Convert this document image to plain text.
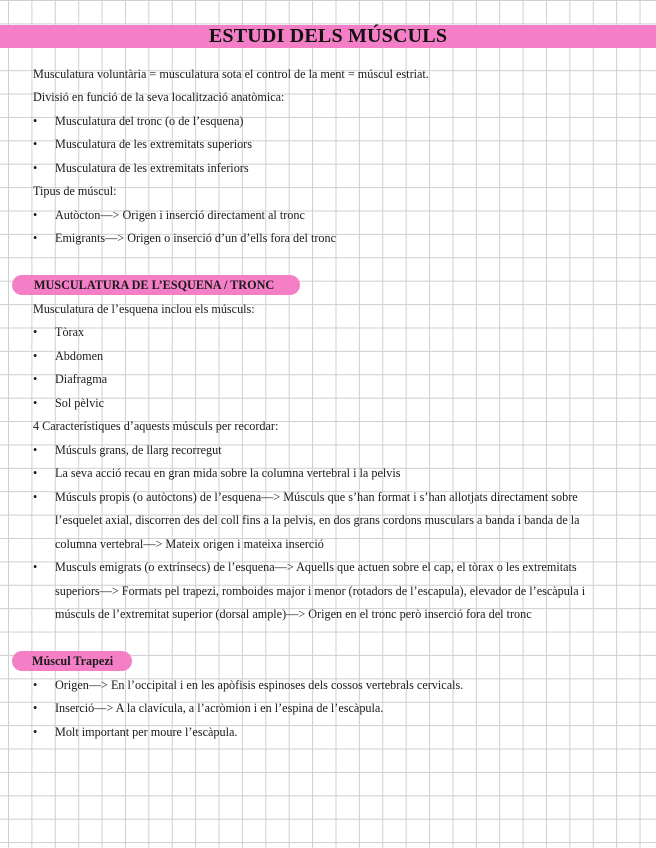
ESTUDI DELS MÚSCULS
Musculatura voluntària = musculatura sota el control de la ment = múscul estriat.
Divisió en funció de la seva localització anatòmica:
• Musculatura del tronc (o de l’esquena)
• Musculatura de les extremitats superiors
• Musculatura de les extremitats inferiors
Tipus de múscul:
• Autòcton—> Origen i inserció directament al tronc
• Emigrants—> Origen o inserció d’un d’ells fora del tronc
MUSCULATURA DE L’ESQUENA / TRONC
Musculatura de l’esquena inclou els músculs:
• Tòrax
• Abdomen
• Diafragma
• Sol pèlvic
4 Característiques d’aquests músculs per recordar:
• Músculs grans, de llarg recorregut
• La seva acció recau en gran mida sobre la columna vertebral i la pelvis
• Músculs propis (o autòctons) de l’esquena—> Músculs que s’han format i s’han allotjats directament sobre
l’esquelet axial, discorren des del coll fins a la pelvis, en dos grans cordons musculars a banda i banda de la
columna vertebral—> Mateix origen i mateixa inserció
• Musculs emigrats (o extrínsecs) de l’esquena—> Aquells que actuen sobre el cap, el tòrax o les extremitats
superiors—> Formats pel trapezi, romboides major i menor (rotadors de l’escapula), elevador de l’escàpula i
músculs de l’extremitat superior (dorsal ample)—> Origen en el tronc però inserció fora del tronc
Múscul Trapezi
• Origen—> En l’occipital i en les apòfisis espinoses dels cossos vertebrals cervicals.
• Inserció—> A la clavícula, a l’acròmion i en l’espina de l’escàpula.
• Molt important per moure l’escàpula.
